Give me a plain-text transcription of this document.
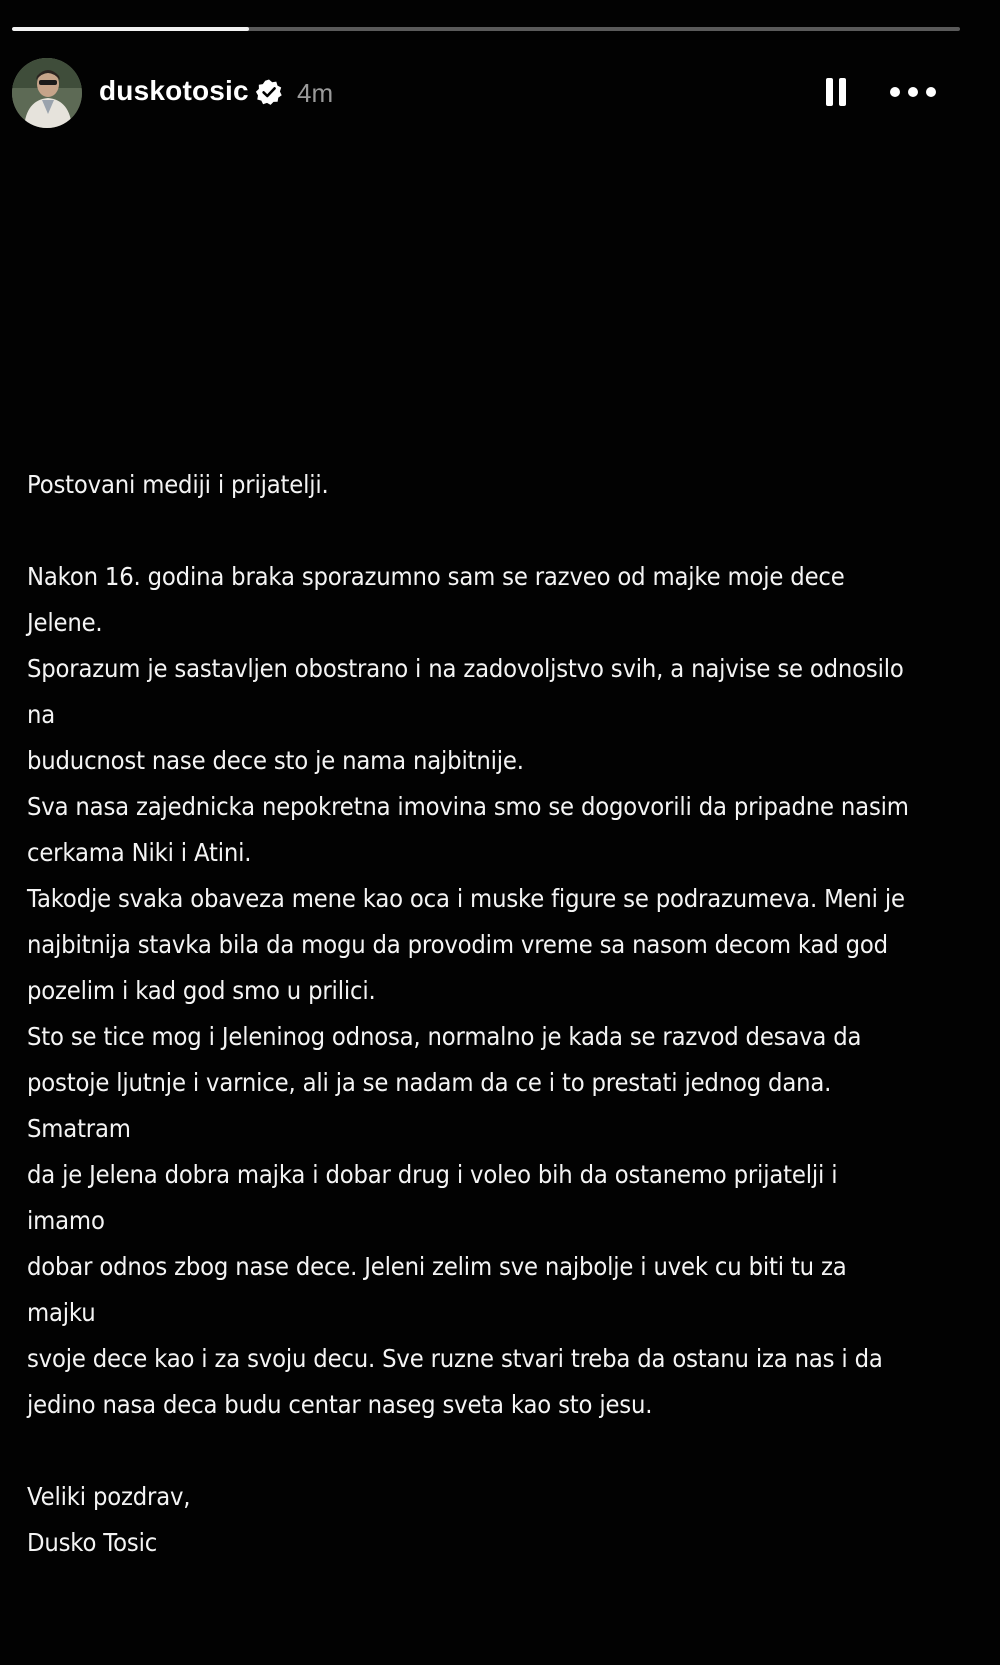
duskotosic 4m

Postovani mediji i prijatelji.

Nakon 16. godina braka sporazumno sam se razveo od majke moje dece Jelene.

Sporazum je sastavljen obostrano i na zadovoljstvo svih, a najvise se odnosilo na

buducnost nase dece sto je nama najbitnije.

Sva nasa zajednicka nepokretna imovina smo se dogovorili da pripadne nasim

cerkama Niki i Atini.

Takodje svaka obaveza mene kao oca i muske figure se podrazumeva. Meni je

najbitnija stavka bila da mogu da provodim vreme sa nasom decom kad god

pozelim i kad god smo u prilici.

Sto se tice mog i Jeleninog odnosa, normalno je kada se razvod desava da

postoje ljutnje i varnice, ali ja se nadam da ce i to prestati jednog dana. Smatram

da je Jelena dobra majka i dobar drug i voleo bih da ostanemo prijatelji i imamo

dobar odnos zbog nase dece. Jeleni zelim sve najbolje i uvek cu biti tu za majku

svoje dece kao i za svoju decu. Sve ruzne stvari treba da ostanu iza nas i da

jedino nasa deca budu centar naseg sveta kao sto jesu.

Veliki pozdrav,

Dusko Tosic
